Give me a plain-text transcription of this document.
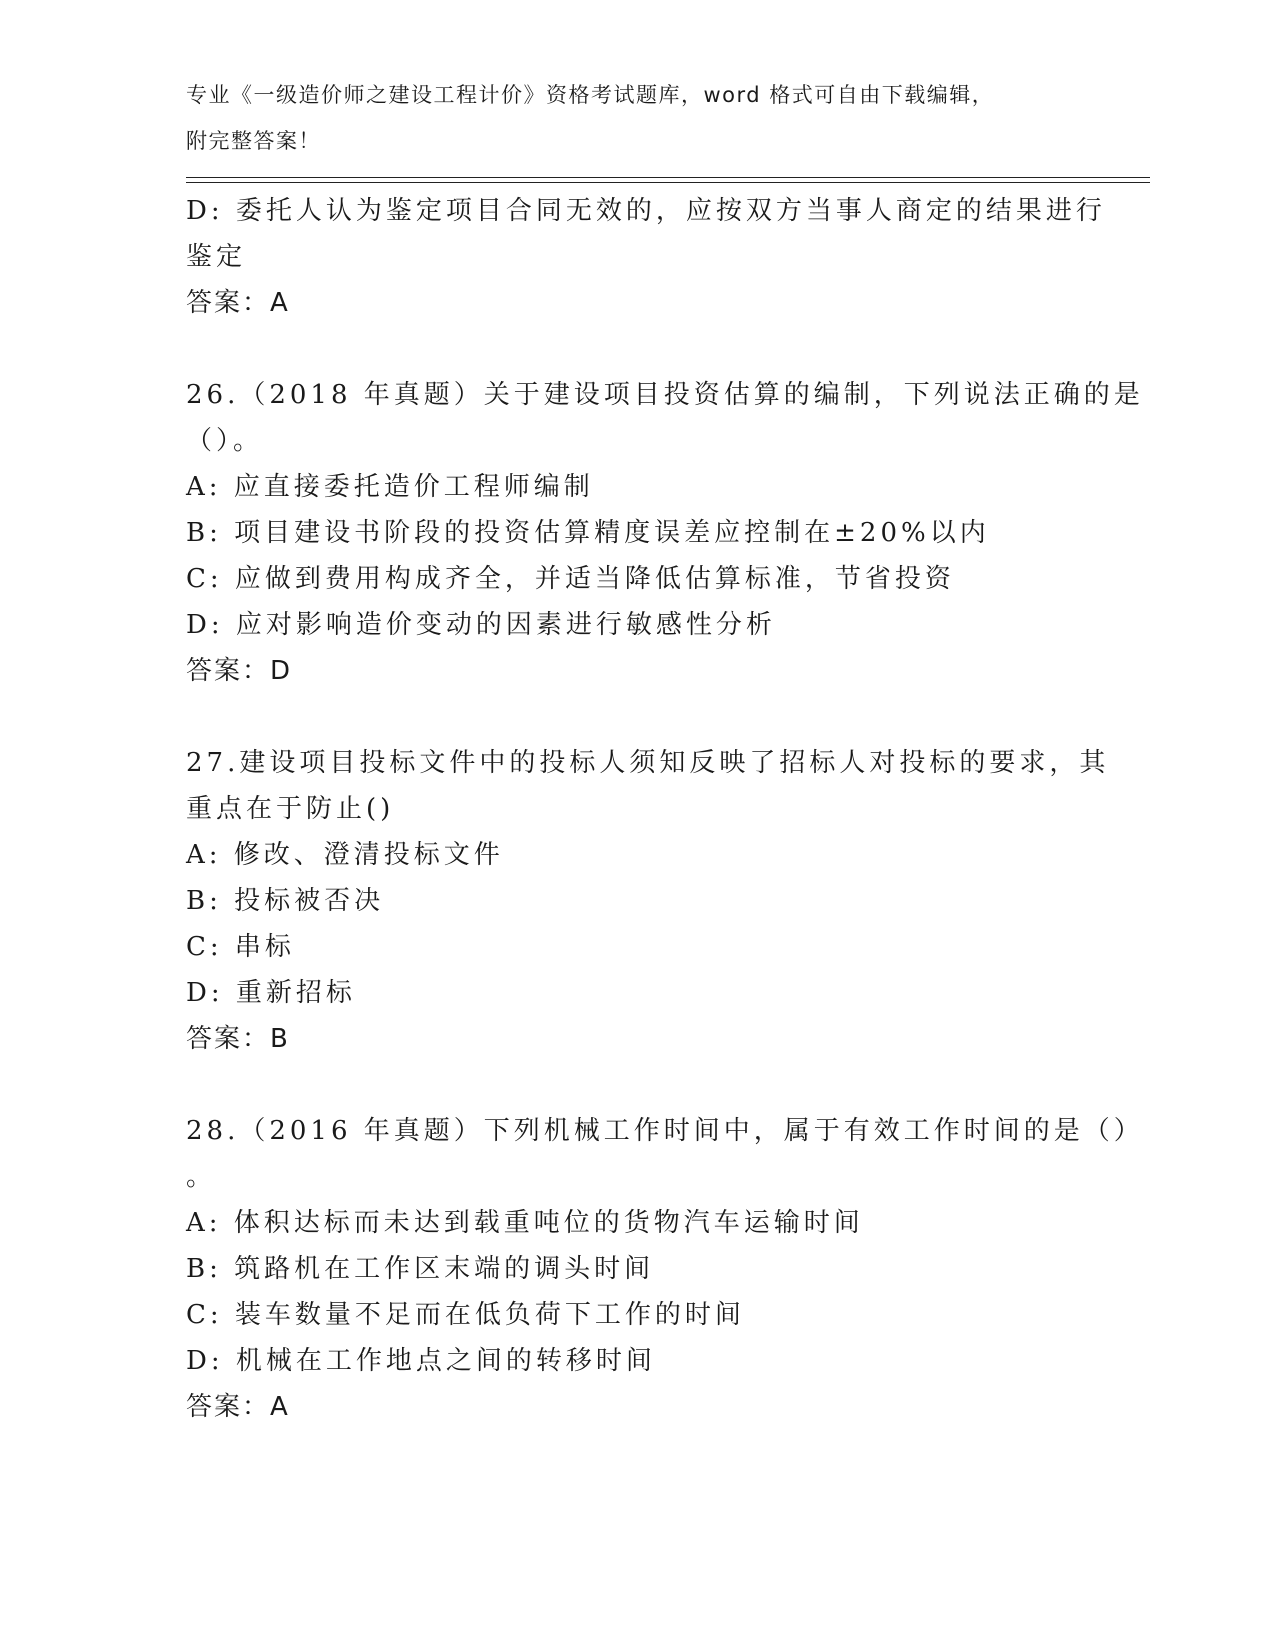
专业《一级造价师之建设工程计价》资格考试题库，word 格式可自由下载编辑，
附完整答案！
D: 委托人认为鉴定项目合同无效的，应按双方当事人商定的结果进行
鉴定
答案：A
26.（2018 年真题）关于建设项目投资估算的编制，下列说法正确的是
（）。
A: 应直接委托造价工程师编制
B: 项目建设书阶段的投资估算精度误差应控制在±20%以内
C: 应做到费用构成齐全，并适当降低估算标准，节省投资
D: 应对影响造价变动的因素进行敏感性分析
答案：D
27.建设项目投标文件中的投标人须知反映了招标人对投标的要求，其
重点在于防止()
A: 修改、澄清投标文件
B: 投标被否决
C: 串标
D: 重新招标
答案：B
28.（2016 年真题）下列机械工作时间中，属于有效工作时间的是（）
。
A: 体积达标而未达到载重吨位的货物汽车运输时间
B: 筑路机在工作区末端的调头时间
C: 装车数量不足而在低负荷下工作的时间
D: 机械在工作地点之间的转移时间
答案：A
